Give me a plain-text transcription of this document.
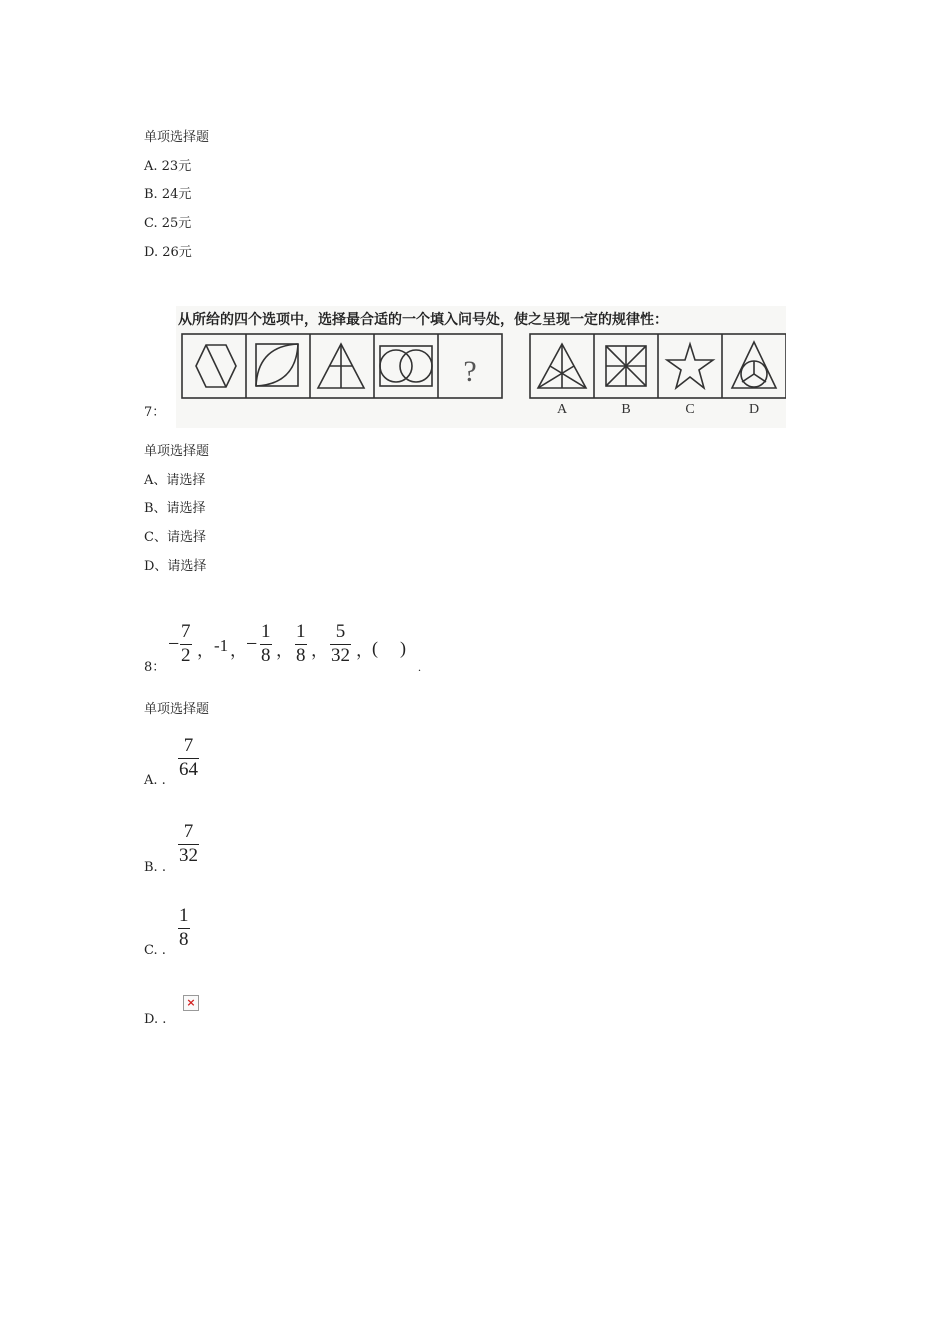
单项选择题
A. 23元
B. 24元
C. 25元
D. 26元
7：
从所给的四个选项中，选择最合适的一个填入问号处，使之呈现一定的规律性：
?
A	B	C	D
单项选择题
A、请选择
B、请选择
C、请选择
D、请选择
8：
−
7
2 ， -1 ， −
1
8 ，
1
8 ，
5
32 ， (　)
.
单项选择题
A. .
7
64
B. .
7
32
C. .
1
8
D. .
×
